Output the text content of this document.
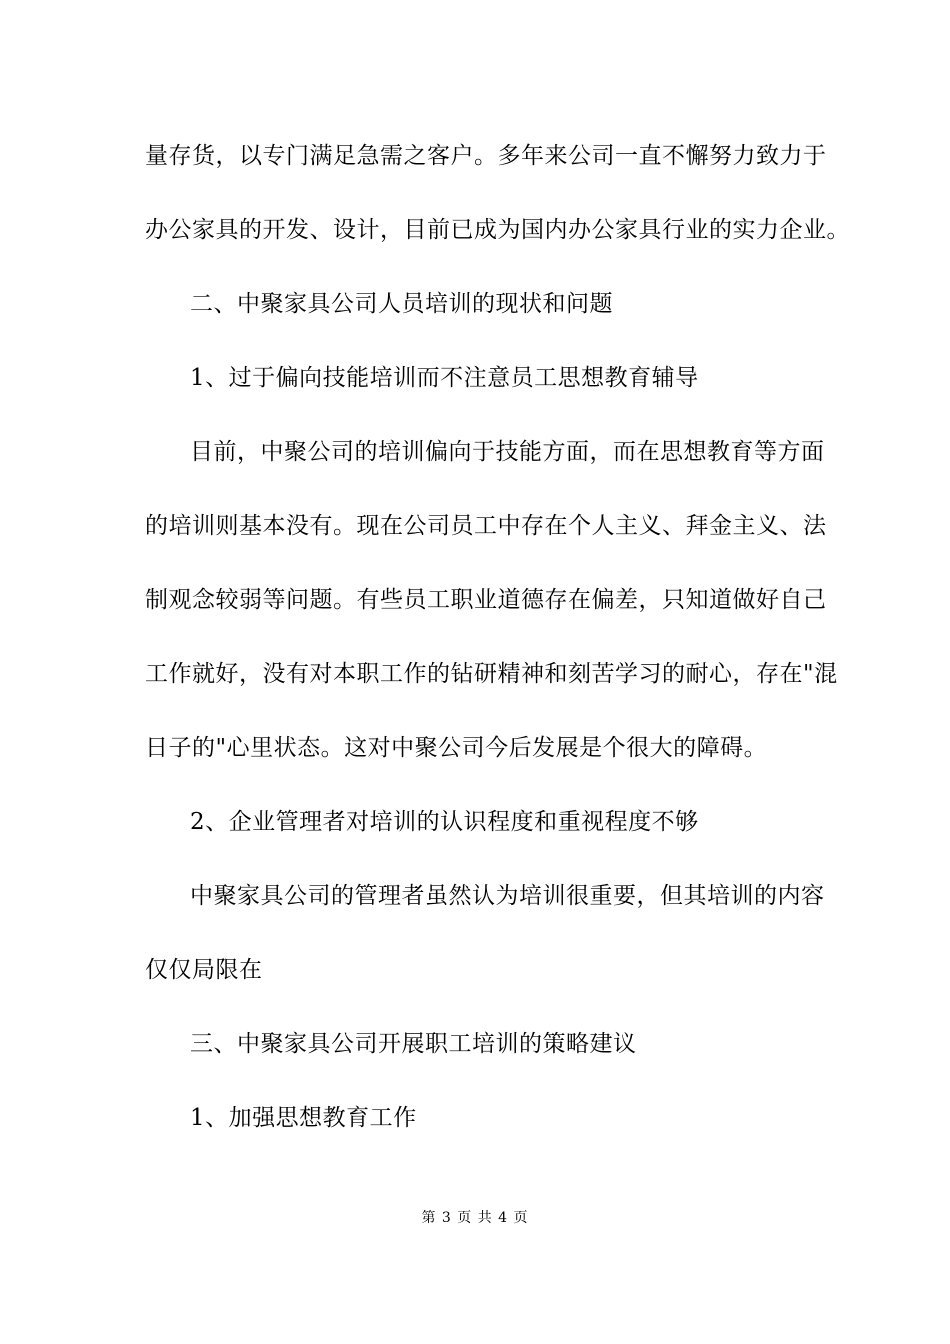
量存货，以专门满足急需之客户。多年来公司一直不懈努力致力于
办公家具的开发、设计，目前已成为国内办公家具行业的实力企业。
二、中聚家具公司人员培训的现状和问题
1、过于偏向技能培训而不注意员工思想教育辅导
目前，中聚公司的培训偏向于技能方面，而在思想教育等方面
的培训则基本没有。现在公司员工中存在个人主义、拜金主义、法
制观念较弱等问题。有些员工职业道德存在偏差，只知道做好自己
工作就好，没有对本职工作的钻研精神和刻苦学习的耐心，存在"混
日子的"心里状态。这对中聚公司今后发展是个很大的障碍。
2、企业管理者对培训的认识程度和重视程度不够
中聚家具公司的管理者虽然认为培训很重要，但其培训的内容
仅仅局限在
三、中聚家具公司开展职工培训的策略建议
1、加强思想教育工作
第 3 页 共 4 页
